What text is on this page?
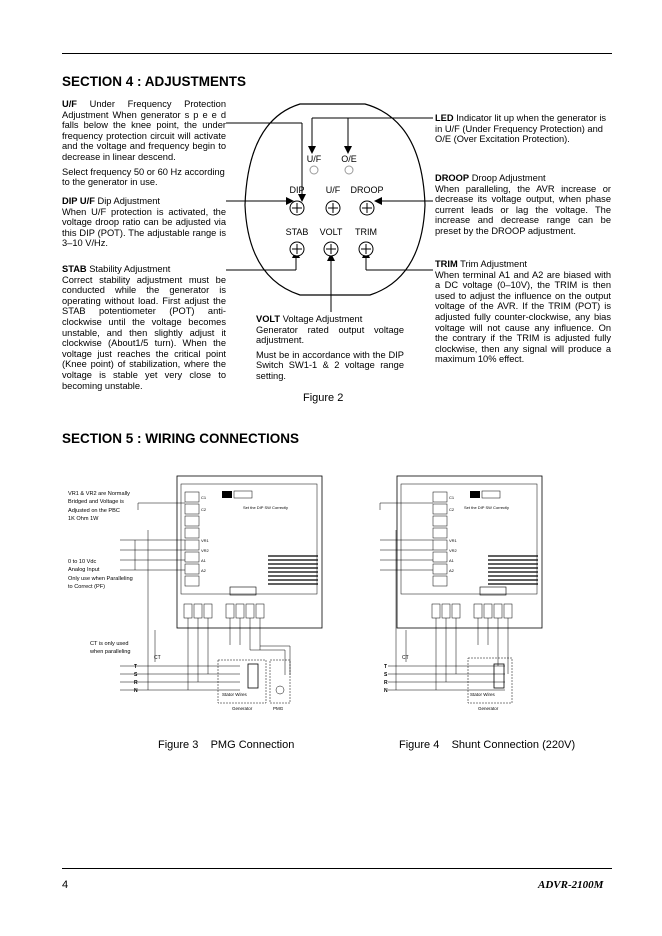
SECTION 4 : ADJUSTMENTS
U/F Under Frequency Protection
Adjustment When generator s p e e d falls below the knee point, the under frequency protection circuit will activate and the voltage and frequency begin to decrease in linear descend.
Select frequency 50 or 60 Hz according to the generator in use.
DIP U/F Dip Adjustment
When U/F protection is activated, the voltage droop ratio can be adjusted via this DIP (POT). The adjustable range is 3–10 V/Hz.
STAB Stability Adjustment
Correct stability adjustment must be conducted while the generator is operating without load. First adjust the STAB potentiometer (POT) anti-clockwise until the voltage becomes unstable, and then slightly adjust it clockwise (About1/5 turn). When the voltage just reaches the critical point (Knee point) of stabilization, where the voltage is stable yet very close to becoming unstable.
VOLT Voltage Adjustment
Generator rated output voltage adjustment.
Must be in accordance with the DIP Switch SW1-1 & 2 voltage range setting.
LED Indicator lit up when the generator is in U/F (Under Frequency Protection) and O/E (Over Excitation Protection).
DROOP Droop Adjustment
When paralleling, the AVR increase or decrease its voltage output, when phase current leads or lag the voltage. The increase and decrease range can be preset by the DROOP adjustment.
TRIM Trim Adjustment
When terminal A1 and A2 are biased with a DC voltage (0–10V), the TRIM is then used to adjust the influence on the output voltage of the AVR. If the TRIM (POT) is adjusted fully counter-clockwise, any bias voltage will not cause any influence. On the contrary if the TRIM is adjusted fully clockwise, then any signal will produce a maximum 10% effect.
U/F O/E
DIP U/F DROOP
STAB VOLT TRIM
Figure 2
SECTION 5 : WIRING CONNECTIONS
VR1 & VR2 are Normally
Bridged and Voltage is
Adjusted on the PBC
1K Ohm 1W
0 to 10 Vdc
Analog Input
Only use when Paralleling
to Correct (PF)
CT is only used
when paralleling
C1
C2
VR1
VR2
A1
A2
Set the DIP SW Correctly
CT
T
S
R
N
Stator Wires
Generator	PMG
C1
C2
VR1
VR2
A1
A2
Set the DIP SW Correctly
CT
T
S
R
N
Stator Wires
Generator
Figure 3    PMG Connection	Figure 4    Shunt Connection (220V)
4	ADVR-2100M
